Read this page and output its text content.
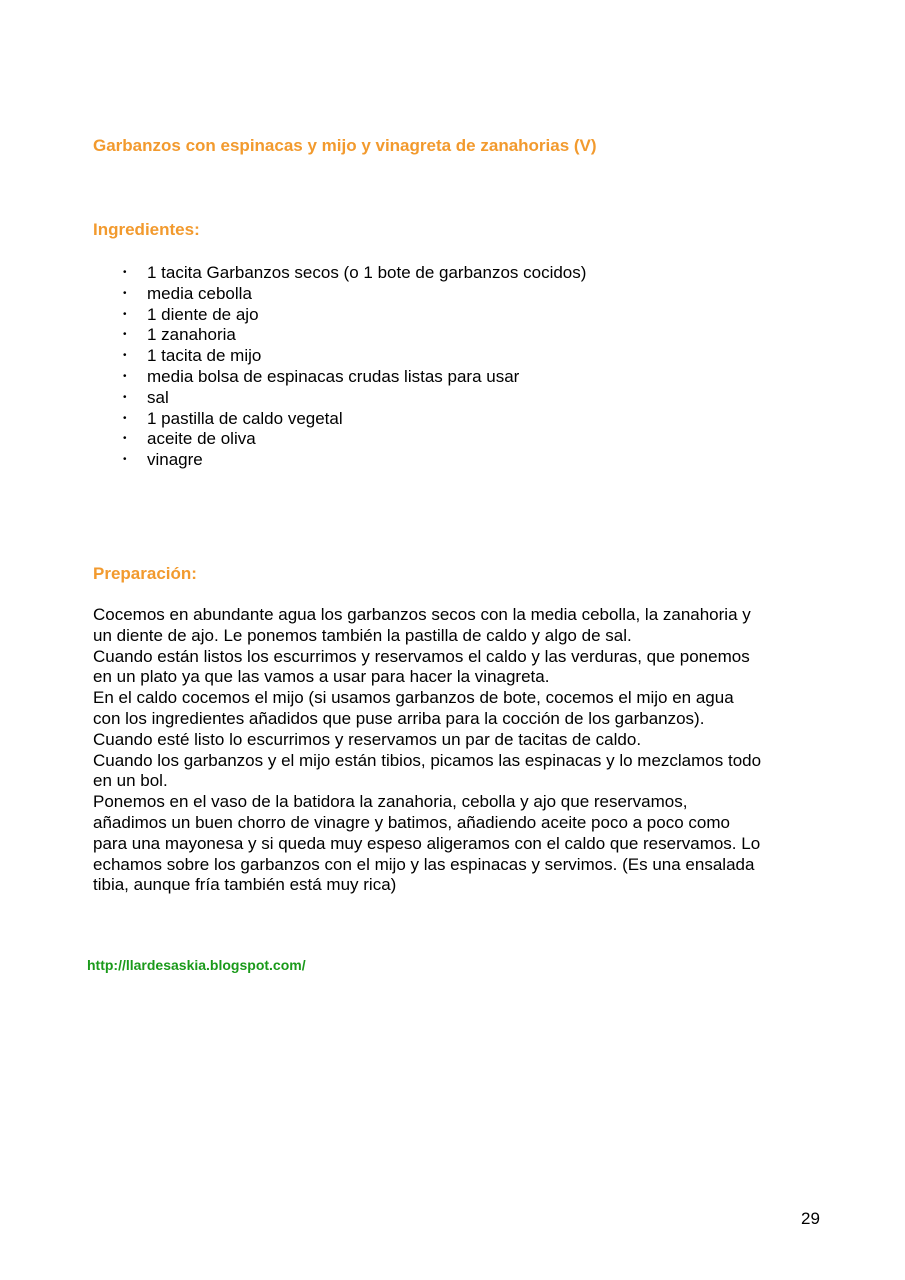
Garbanzos con espinacas y mijo y vinagreta de zanahorias (V)
Ingredientes:
• 1 tacita Garbanzos secos (o 1 bote de garbanzos cocidos)
• media cebolla
• 1 diente de ajo
• 1 zanahoria
• 1 tacita de mijo
• media bolsa de espinacas crudas listas para usar
• sal
• 1 pastilla de caldo vegetal
• aceite de oliva
• vinagre
Preparación:
Cocemos en abundante agua los garbanzos secos con la media cebolla, la zanahoria y
un diente de ajo. Le ponemos también la pastilla de caldo y algo de sal.
Cuando están listos los escurrimos y reservamos el caldo y las verduras, que ponemos
en un plato ya que las vamos a usar para hacer la vinagreta.
En el caldo cocemos el mijo (si usamos garbanzos de bote, cocemos el mijo en agua
con los ingredientes añadidos que puse arriba para la cocción de los garbanzos).
Cuando esté listo lo escurrimos y reservamos un par de tacitas de caldo.
Cuando los garbanzos y el mijo están tibios, picamos las espinacas y lo mezclamos todo
en un bol.
Ponemos en el vaso de la batidora la zanahoria, cebolla y ajo que reservamos,
añadimos un buen chorro de vinagre y batimos, añadiendo aceite poco a poco como
para una mayonesa y si queda muy espeso aligeramos con el caldo que reservamos. Lo
echamos sobre los garbanzos con el mijo y las espinacas y servimos. (Es una ensalada
tibia, aunque fría también está muy rica)
http://llardesaskia.blogspot.com/
29
